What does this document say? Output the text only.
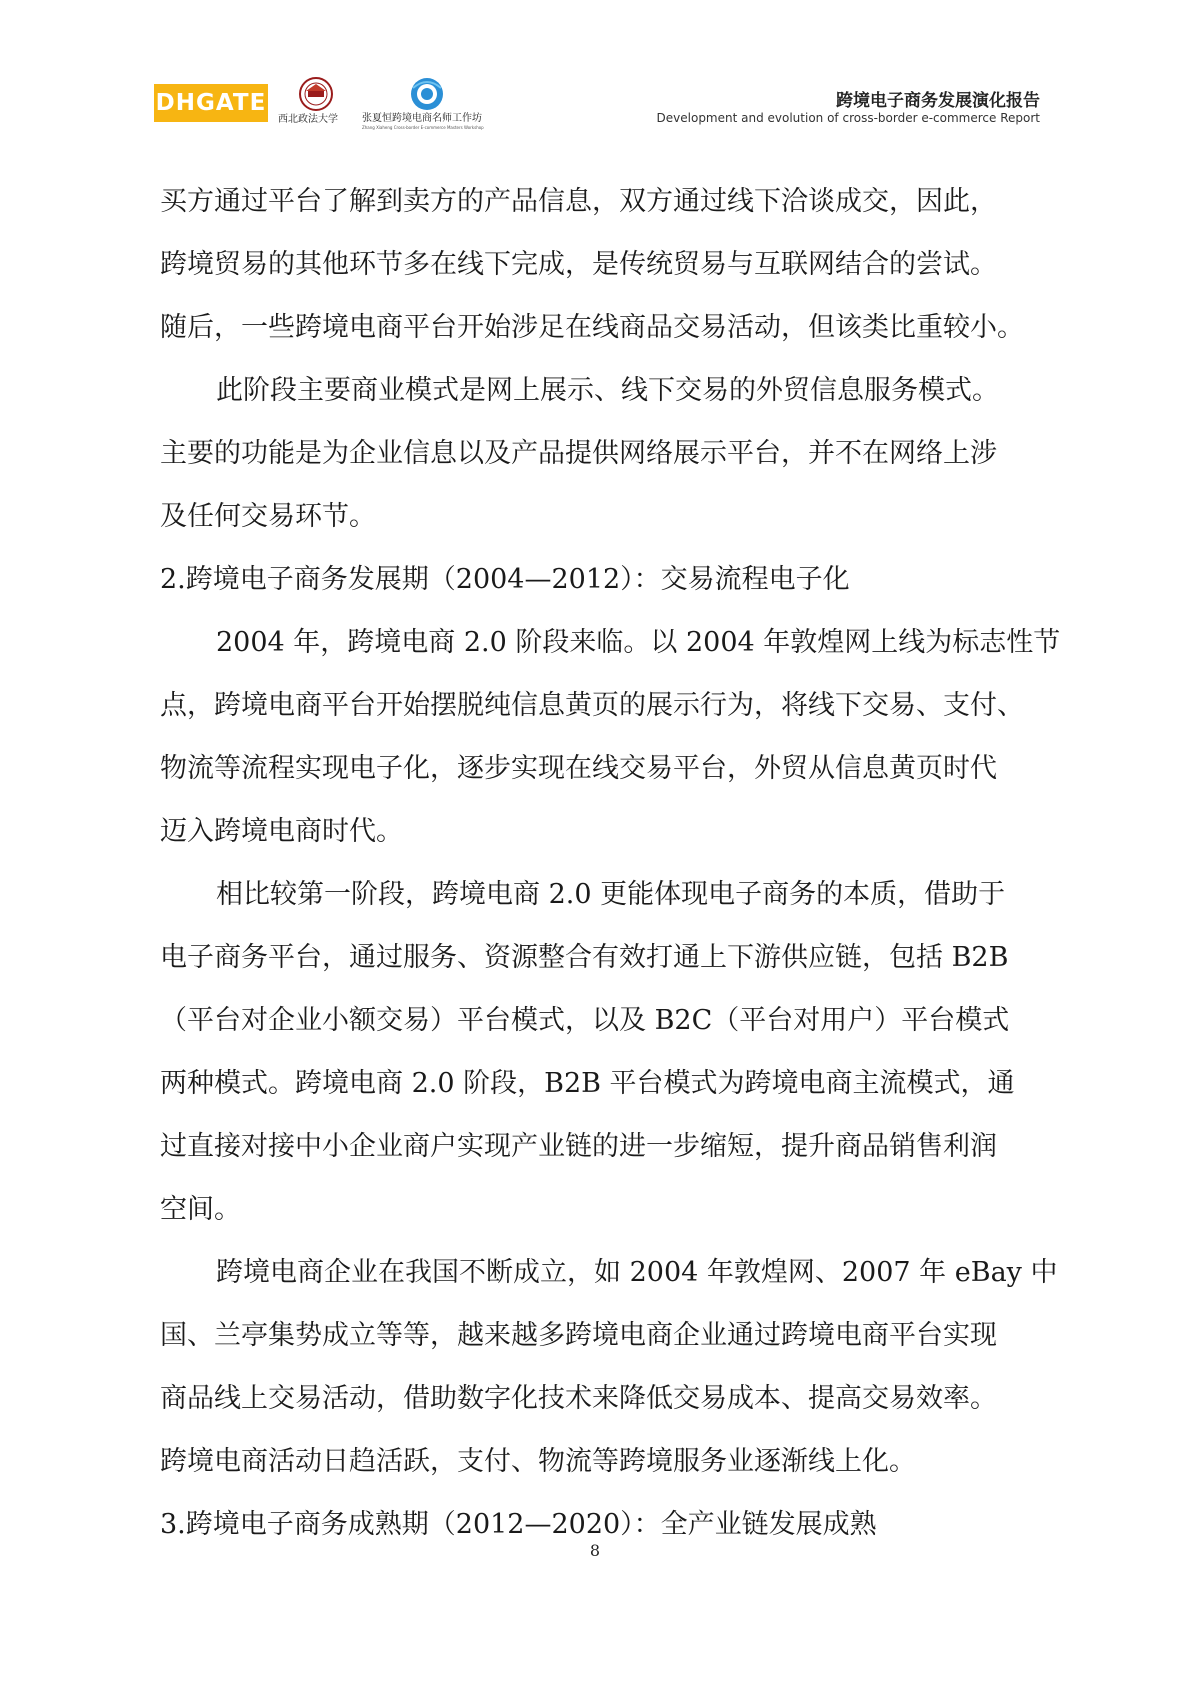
DHGATE
西北政法大学	张夏恒跨境电商名师工作坊
Zhang Xiaheng Cross-border E-commerce Masters Workshop
跨境电子商务发展演化报告
Development and evolution of cross-border e-commerce Report
买方通过平台了解到卖方的产品信息，双方通过线下洽谈成交，因此，
跨境贸易的其他环节多在线下完成，是传统贸易与互联网结合的尝试。
随后，一些跨境电商平台开始涉足在线商品交易活动，但该类比重较小。
此阶段主要商业模式是网上展示、线下交易的外贸信息服务模式。
主要的功能是为企业信息以及产品提供网络展示平台，并不在网络上涉
及任何交易环节。
2.跨境电子商务发展期（2004—2012）：交易流程电子化
2004 年，跨境电商 2.0 阶段来临。以 2004 年敦煌网上线为标志性节
点，跨境电商平台开始摆脱纯信息黄页的展示行为，将线下交易、支付、
物流等流程实现电子化，逐步实现在线交易平台，外贸从信息黄页时代
迈入跨境电商时代。
相比较第一阶段，跨境电商 2.0 更能体现电子商务的本质，借助于
电子商务平台，通过服务、资源整合有效打通上下游供应链，包括 B2B
（平台对企业小额交易）平台模式，以及 B2C（平台对用户）平台模式
两种模式。跨境电商 2.0 阶段，B2B 平台模式为跨境电商主流模式，通
过直接对接中小企业商户实现产业链的进一步缩短，提升商品销售利润
空间。
跨境电商企业在我国不断成立，如 2004 年敦煌网、2007 年 eBay 中
国、兰亭集势成立等等，越来越多跨境电商企业通过跨境电商平台实现
商品线上交易活动，借助数字化技术来降低交易成本、提高交易效率。
跨境电商活动日趋活跃，支付、物流等跨境服务业逐渐线上化。
3.跨境电子商务成熟期（2012—2020）：全产业链发展成熟
8
